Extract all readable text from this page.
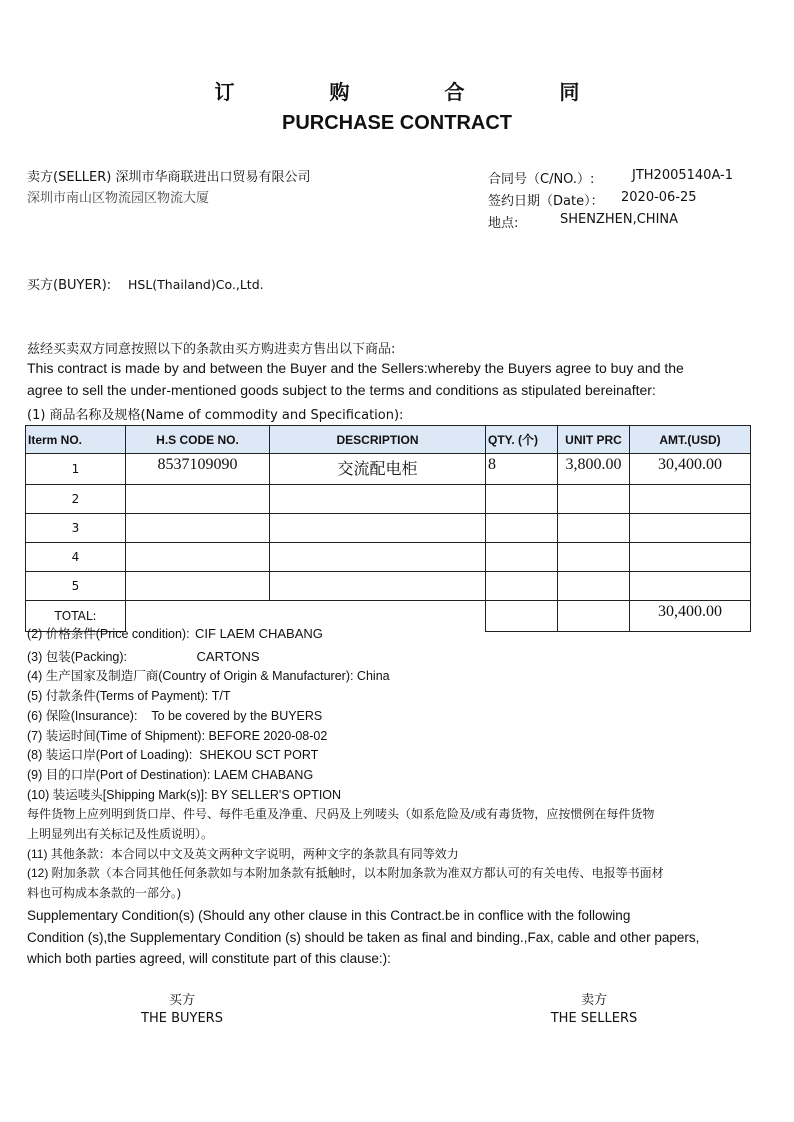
订 购 合 同
PURCHASE CONTRACT
卖方(SELLER) 深圳市华商联进出口贸易有限公司
深圳市南山区物流园区物流大厦
合同号（C/NO.）:	JTH2005140A-1
签约日期（Date）： 2020-06-25
地点:	SHENZHEN,CHINA
买方(BUYER): HSL(Thailand)Co.,Ltd.
兹经买卖双方同意按照以下的条款由买方购进卖方售出以下商品:
This contract is made by and between the Buyer and the Sellers:whereby the Buyers agree to buy and the
agree to sell the under-mentioned goods subject to the terms and conditions as stipulated bereinafter:
(1) 商品名称及规格(Name of commodity and Specification):
Iterm NO.	H.S CODE NO.	DESCRIPTION	QTY. (个)	UNIT PRC	AMT.(USD)
1	8537109090	交流配电柜	8	3,800.00	30,400.00
2					
3					
4					
5					
TOTAL:					30,400.00
(2) 价格条件(Price condition): CIF LAEM CHABANG
(3) 包装(Packing):	CARTONS
(4) 生产国家及制造厂商(Country of Origin & Manufacturer): China
(5) 付款条件(Terms of Payment): T/T
(6) 保险(Insurance):    To be covered by the BUYERS
(7) 装运时间(Time of Shipment): BEFORE 2020-08-02
(8) 装运口岸(Port of Loading):  SHEKOU SCT PORT
(9) 目的口岸(Port of Destination): LAEM CHABANG
(10) 装运唛头[Shipping Mark(s)]: BY SELLER'S OPTION
每件货物上应列明到货口岸、件号、每件毛重及净重、尺码及上列唛头（如系危险及/或有毒货物，应按惯例在每件货物
上明显列出有关标记及性质说明）。
(11) 其他条款：本合同以中文及英文两种文字说明，两种文字的条款具有同等效力
(12) 附加条款（本合同其他任何条款如与本附加条款有抵触时，以本附加条款为准双方都认可的有关电传、电报等书面材
料也可构成本条款的一部分。)
Supplementary Condition(s) (Should any other clause in this Contract.be in conflice with the following
Condition (s),the Supplementary Condition (s) should be taken as final and binding.,Fax, cable and other papers,
which both parties agreed, will constitute part of this clause:):
买方
THE BUYERS
卖方
THE SELLERS
